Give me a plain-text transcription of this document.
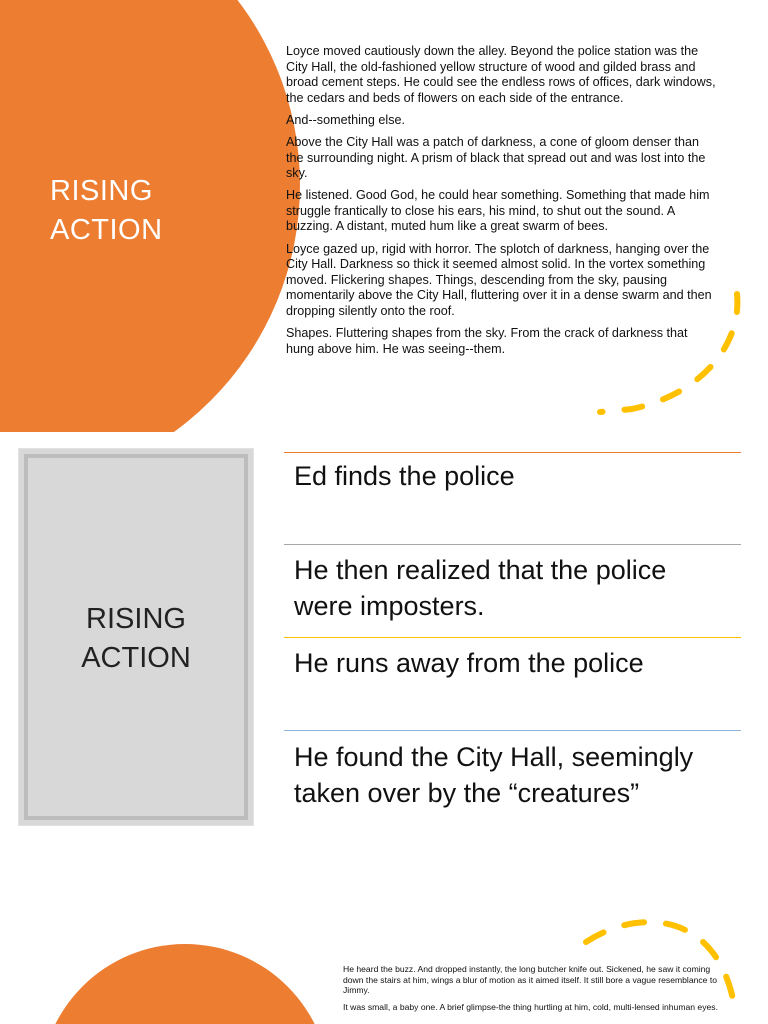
RISING
ACTION

Loyce moved cautiously down the alley. Beyond the police station was the City Hall, the old-fashioned yellow structure of wood and gilded brass and broad cement steps. He could see the endless rows of offices, dark windows, the cedars and beds of flowers on each side of the entrance.

And--something else.

Above the City Hall was a patch of darkness, a cone of gloom denser than the surrounding night. A prism of black that spread out and was lost into the sky.

He listened. Good God, he could hear something. Something that made him struggle frantically to close his ears, his mind, to shut out the sound. A buzzing. A distant, muted hum like a great swarm of bees.

Loyce gazed up, rigid with horror. The splotch of darkness, hanging over the City Hall. Darkness so thick it seemed almost solid. In the vortex something moved. Flickering shapes. Things, descending from the sky, pausing momentarily above the City Hall, fluttering over it in a dense swarm and then dropping silently onto the roof.

Shapes. Fluttering shapes from the sky. From the crack of darkness that hung above him. He was seeing--them.

RISING
ACTION
Ed finds the police
He then realized that the police were imposters.
He runs away from the police
He found the City Hall, seemingly taken over by the “creatures”

He heard the buzz. And dropped instantly, the long butcher knife out. Sickened, he saw it coming down the stairs at him, wings a blur of motion as it aimed itself. It still bore a vague resemblance to Jimmy.

It was small, a baby one. A brief glimpse-the thing hurtling at him, cold, multi-lensed inhuman eyes.
